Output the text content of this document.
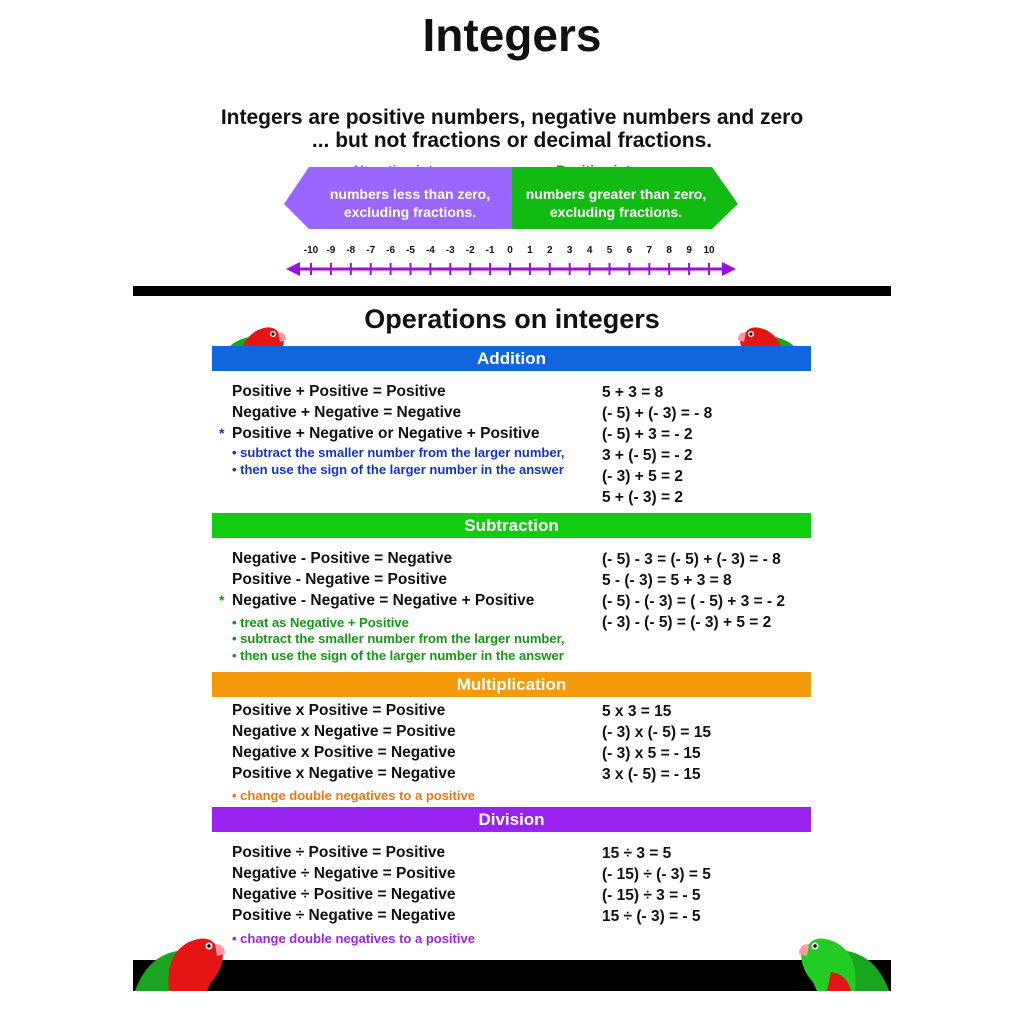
Integers
Integers are positive numbers, negative numbers and zero
... but not fractions or decimal fractions.
numbers less than zero,
excluding fractions.
numbers greater than zero,
excluding fractions.
-10 -9	-8	-7	-6	-5	-4	-3	-2	-1	0	1	2	3	4	5	6	7	8	9	10
Operations on integers
Addition
Positive + Positive = Positive
Negative + Negative = Negative
* Positive + Negative or Negative + Positive
• subtract the smaller number from the larger number,
• then use the sign of the larger number in the answer
5 + 3 = 8
(- 5) + (- 3) = - 8
(- 5) + 3 = - 2
3 + (- 5) = - 2
(- 3) + 5 = 2
5 + (- 3) = 2
Subtraction
Negative - Positive = Negative
Positive - Negative = Positive
* Negative - Negative = Negative + Positive
• treat as Negative + Positive
• subtract the smaller number from the larger number,
• then use the sign of the larger number in the answer
(- 5) - 3 = (- 5) + (- 3) = - 8
5 - (- 3) = 5 + 3 = 8
(- 5) - (- 3) = ( - 5) + 3 = - 2
(- 3) - (- 5) = (- 3) + 5 = 2
Multiplication
Positive x Positive = Positive
Negative x Negative = Positive
Negative x Positive = Negative
Positive x Negative = Negative
• change double negatives to a positive
5 x 3 = 15
(- 3) x (- 5) = 15
(- 3) x 5 = - 15
3 x (- 5) = - 15
Division
Positive ÷ Positive = Positive
Negative ÷ Negative = Positive
Negative ÷ Positive = Negative
Positive ÷ Negative = Negative
• change double negatives to a positive
15 ÷ 3 = 5
(- 15) ÷ (- 3) = 5
(- 15) ÷ 3 = - 5
15 ÷ (- 3) = - 5
